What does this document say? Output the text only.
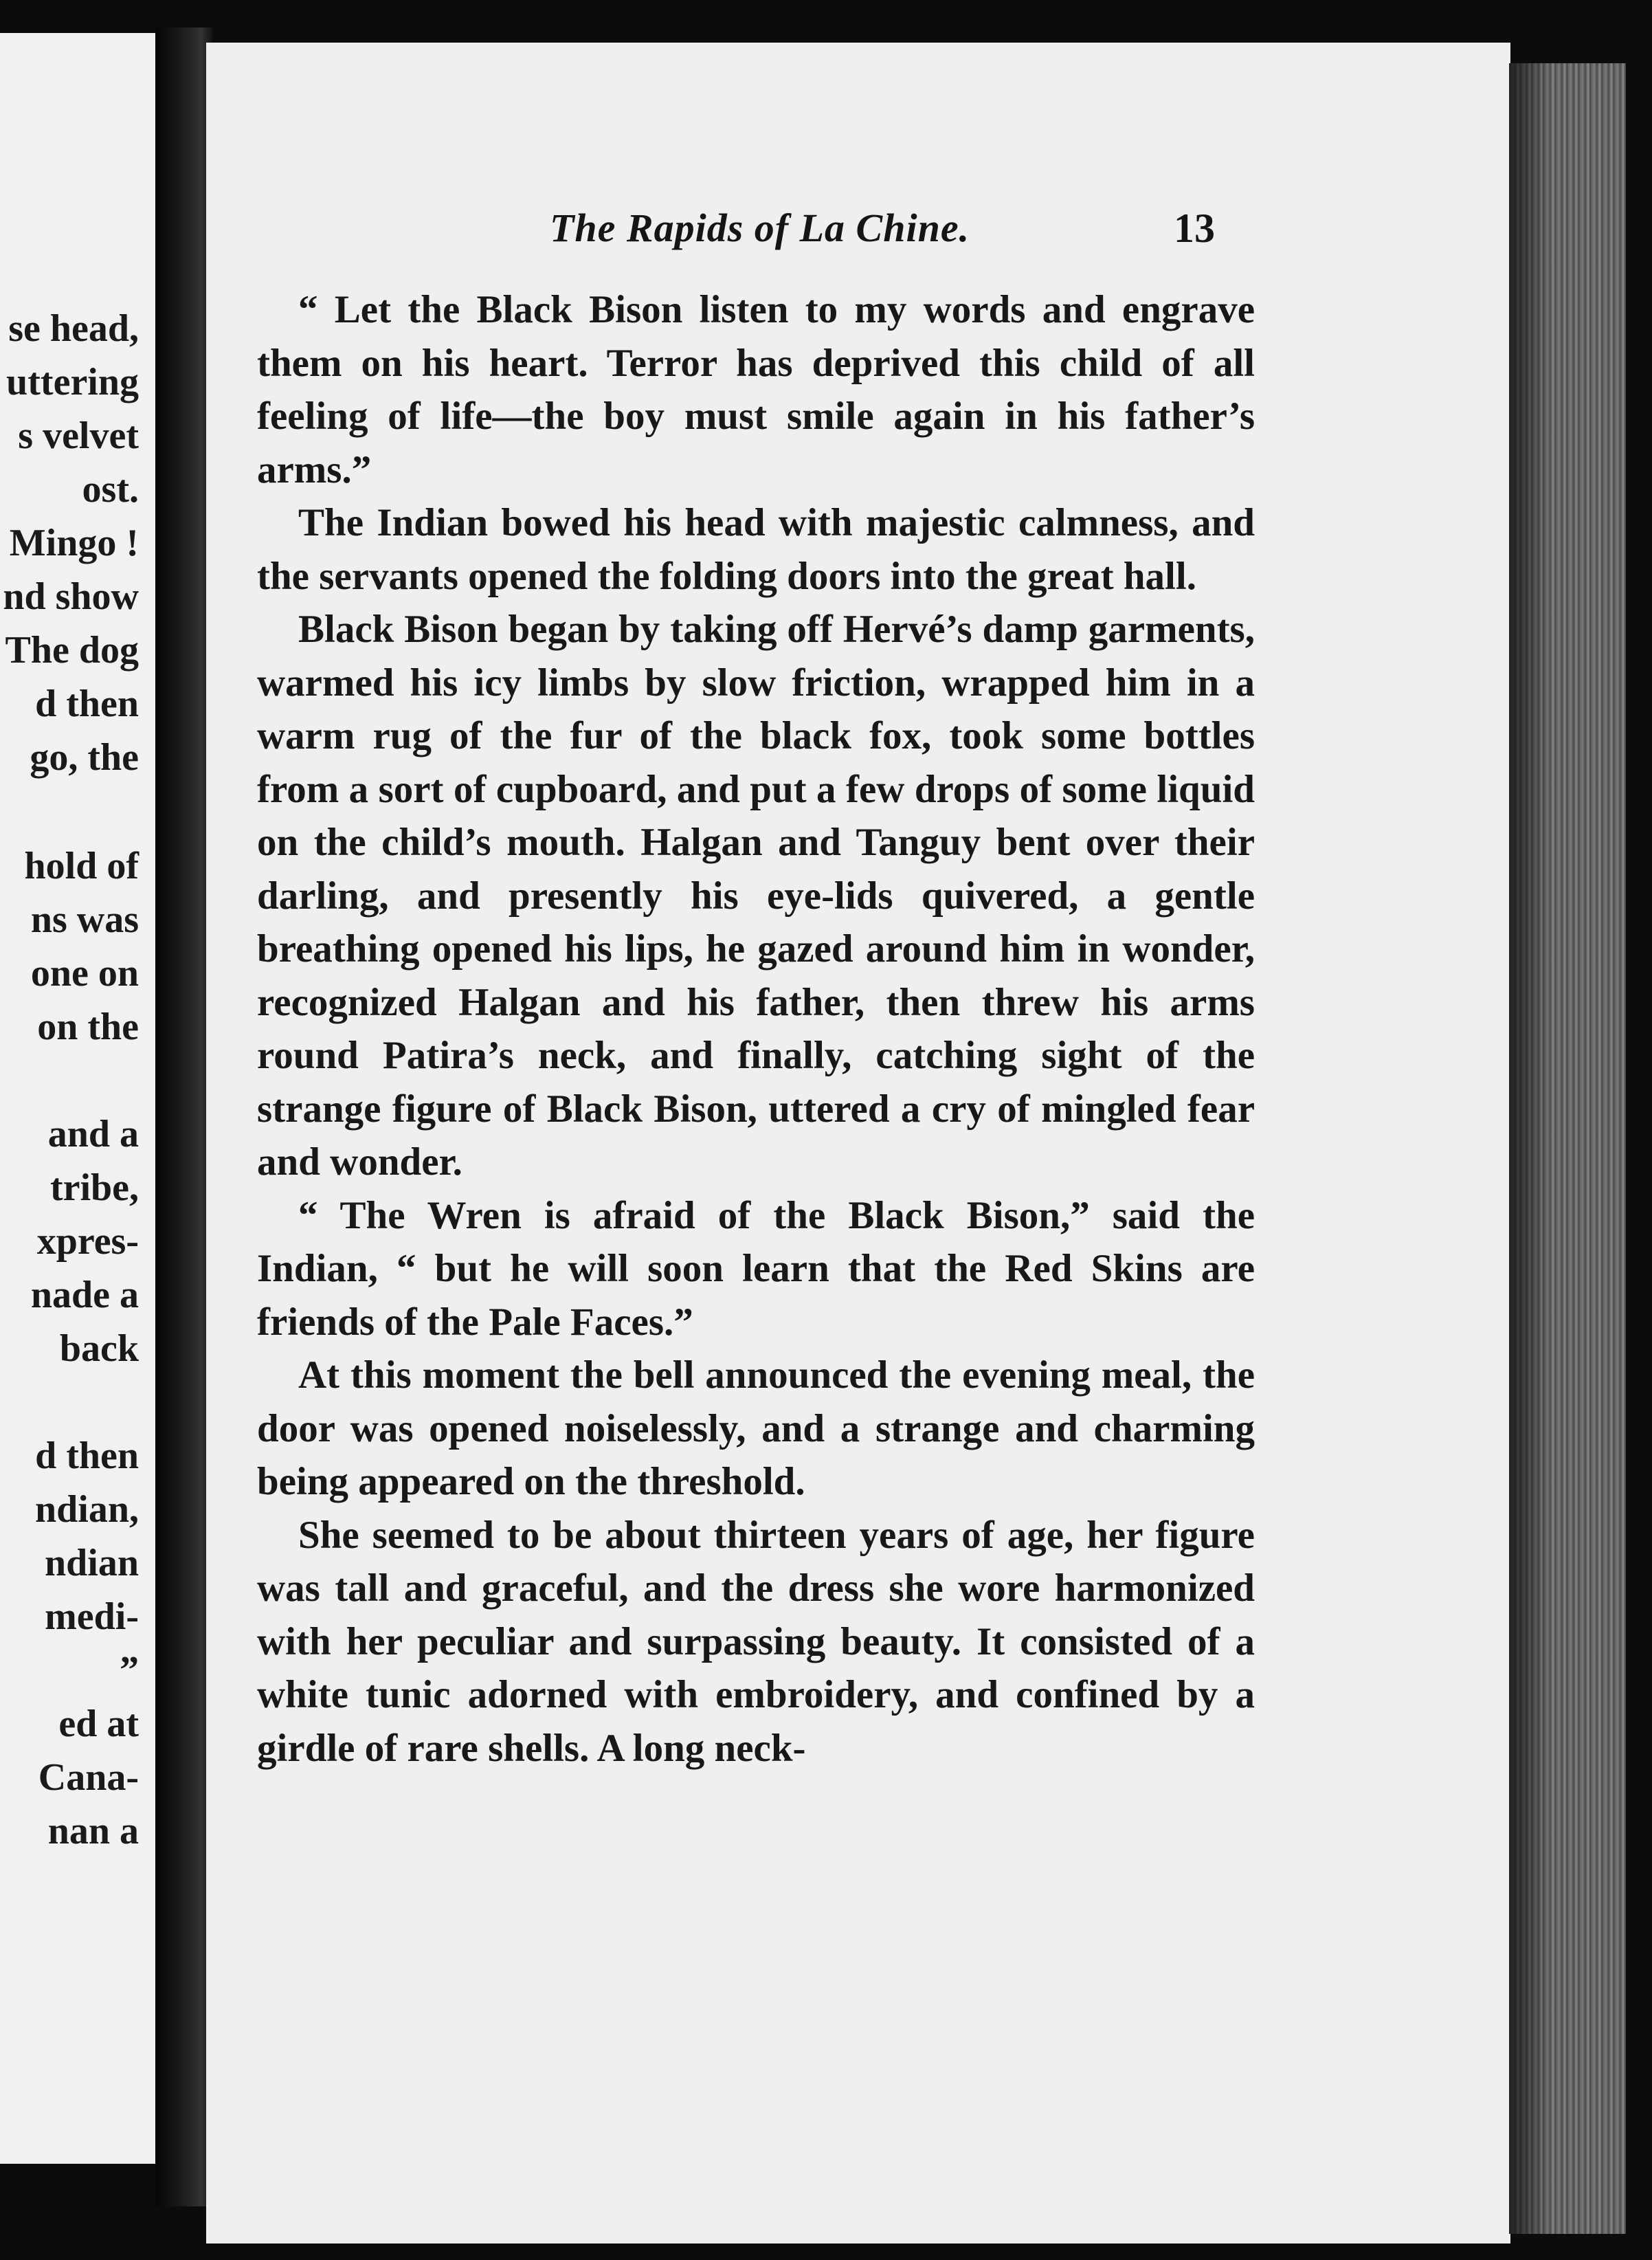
se head,

uttering

s velvet

ost.

Mingo !

nd show

The dog

d then

go, the

hold of

ns was

one on

on the

and a

tribe,

xpres-

nade a

back

d then

ndian,

ndian

medi-

”

ed at

Cana-

nan a

The Rapids of La Chine.	13

“ Let the Black Bison listen to my words and engrave them on his heart. Terror has deprived this child of all feeling of life—the boy must smile again in his father’s arms.”

The Indian bowed his head with majestic calmness, and the servants opened the folding doors into the great hall.

Black Bison began by taking off Hervé’s damp garments, warmed his icy limbs by slow friction, wrapped him in a warm rug of the fur of the black fox, took some bottles from a sort of cupboard, and put a few drops of some liquid on the child’s mouth. Halgan and Tanguy bent over their darling, and presently his eye-lids quivered, a gentle breathing opened his lips, he gazed around him in wonder, recognized Halgan and his father, then threw his arms round Patira’s neck, and finally, catching sight of the strange figure of Black Bison, uttered a cry of mingled fear and wonder.

“ The Wren is afraid of the Black Bison,” said the Indian, “ but he will soon learn that the Red Skins are friends of the Pale Faces.”

At this moment the bell announced the evening meal, the door was opened noiselessly, and a strange and charming being appeared on the threshold.

She seemed to be about thirteen years of age, her figure was tall and graceful, and the dress she wore harmonized with her peculiar and surpassing beauty. It consisted of a white tunic adorned with embroidery, and confined by a girdle of rare shells. A long neck-
